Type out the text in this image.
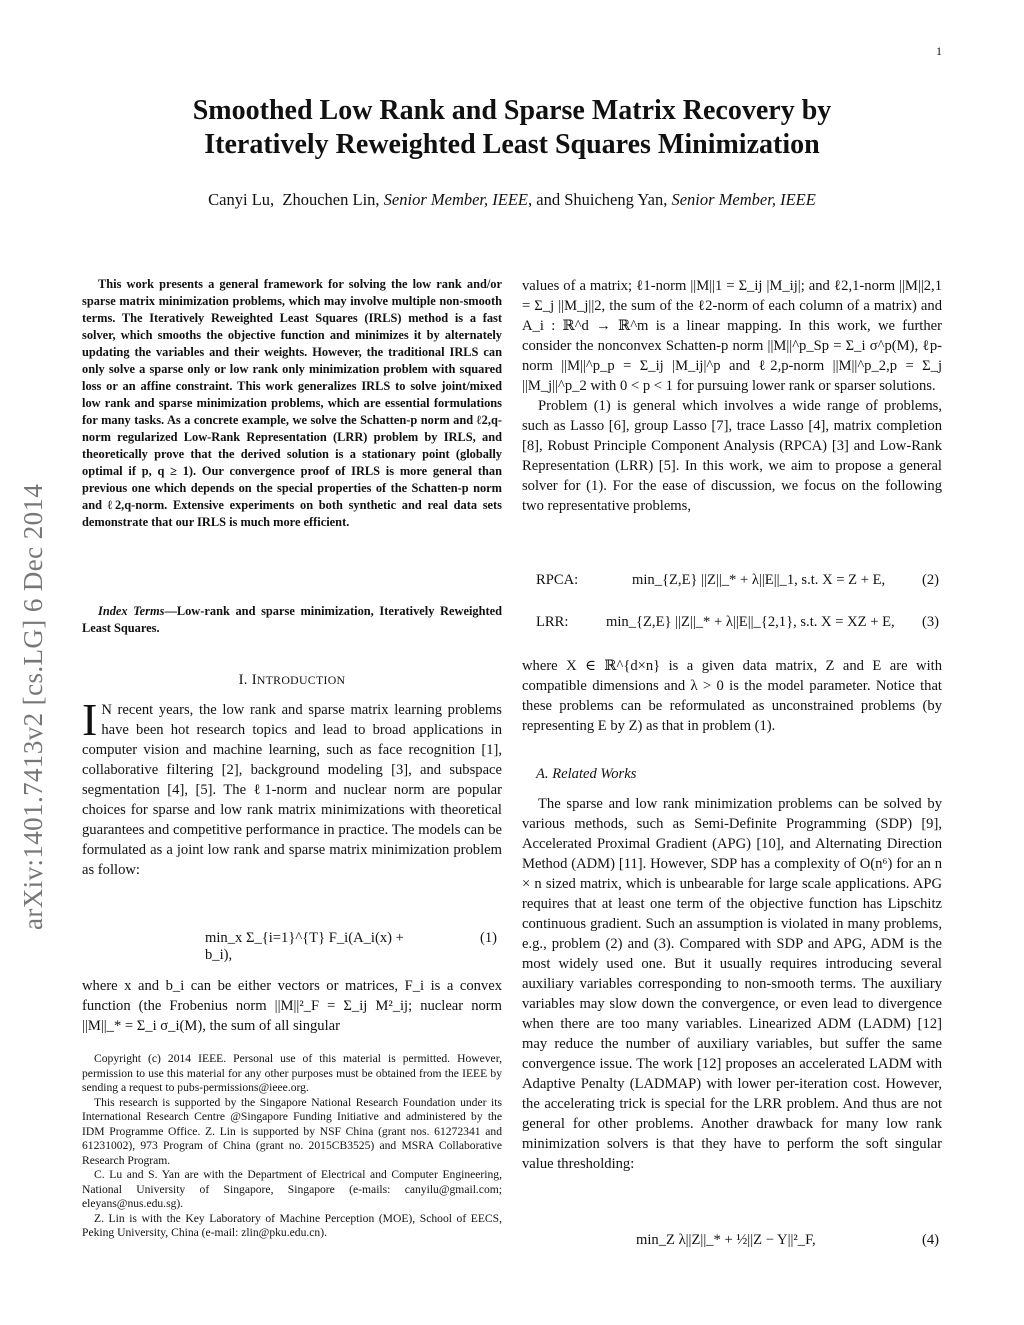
1
arXiv:1401.7413v2 [cs.LG] 6 Dec 2014
Smoothed Low Rank and Sparse Matrix Recovery by
Iteratively Reweighted Least Squares Minimization
Canyi Lu, Zhouchen Lin, Senior Member, IEEE, and Shuicheng Yan, Senior Member, IEEE
This work presents a general framework for solving the low rank and/or sparse matrix minimization problems, which may involve multiple non-smooth terms. The Iteratively Reweighted Least Squares (IRLS) method is a fast solver, which smooths the objective function and minimizes it by alternately updating the variables and their weights. However, the traditional IRLS can only solve a sparse only or low rank only minimization problem with squared loss or an affine constraint. This work generalizes IRLS to solve joint/mixed low rank and sparse minimization problems, which are essential formulations for many tasks. As a concrete example, we solve the Schatten-p norm and ℓ2,q-norm regularized Low-Rank Representation (LRR) problem by IRLS, and theoretically prove that the derived solution is a stationary point (globally optimal if p, q ≥ 1). Our convergence proof of IRLS is more general than previous one which depends on the special properties of the Schatten-p norm and ℓ2,q-norm. Extensive experiments on both synthetic and real data sets demonstrate that our IRLS is much more efficient.
Index Terms—Low-rank and sparse minimization, Iteratively Reweighted Least Squares.
I. INTRODUCTION

I N recent years, the low rank and sparse matrix learning problems have been hot research topics and lead to broad applications in computer vision and machine learning, such as face recognition [1], collaborative filtering [2], background modeling [3], and subspace segmentation [4], [5]. The ℓ1-norm and nuclear norm are popular choices for sparse and low rank matrix minimizations with theoretical guarantees and competitive performance in practice. The models can be formulated as a joint low rank and sparse matrix minimization problem as follow:

min_x Σ_{i=1}^{T} F_i(A_i(x) + b_i),
(1)

where x and b_i can be either vectors or matrices, F_i is a convex function (the Frobenius norm ||M||²_F = Σ_ij M²_ij; nuclear norm ||M||_* = Σ_i σ_i(M), the sum of all singular

Copyright (c) 2014 IEEE. Personal use of this material is permitted. However, permission to use this material for any other purposes must be obtained from the IEEE by sending a request to pubs-permissions@ieee.org.

This research is supported by the Singapore National Research Foundation under its International Research Centre @Singapore Funding Initiative and administered by the IDM Programme Office. Z. Lin is supported by NSF China (grant nos. 61272341 and 61231002), 973 Program of China (grant no. 2015CB3525) and MSRA Collaborative Research Program.

C. Lu and S. Yan are with the Department of Electrical and Computer Engineering, National University of Singapore, Singapore (e-mails: canyilu@gmail.com; eleyans@nus.edu.sg).

Z. Lin is with the Key Laboratory of Machine Perception (MOE), School of EECS, Peking University, China (e-mail: zlin@pku.edu.cn).

values of a matrix; ℓ1-norm ||M||1 = Σ_ij |M_ij|; and ℓ2,1-norm ||M||2,1 = Σ_j ||M_j||2, the sum of the ℓ2-norm of each column of a matrix) and A_i : ℝ^d → ℝ^m is a linear mapping. In this work, we further consider the nonconvex Schatten-p norm ||M||^p_Sp = Σ_i σ^p(M), ℓp-norm ||M||^p_p = Σ_ij |M_ij|^p and ℓ2,p-norm ||M||^p_2,p = Σ_j ||M_j||^p_2 with 0 < p < 1 for pursuing lower rank or sparser solutions.

Problem (1) is general which involves a wide range of problems, such as Lasso [6], group Lasso [7], trace Lasso [4], matrix completion [8], Robust Principle Component Analysis (RPCA) [3] and Low-Rank Representation (LRR) [5]. In this work, we aim to propose a general solver for (1). For the ease of discussion, we focus on the following two representative problems,

RPCA:	min_{Z,E} ||Z||_* + λ||E||_1, s.t. X = Z + E,	(2)
LRR:	min_{Z,E} ||Z||_* + λ||E||_{2,1}, s.t. X = XZ + E,	(3)

where X ∈ ℝ^{d×n} is a given data matrix, Z and E are with compatible dimensions and λ > 0 is the model parameter. Notice that these problems can be reformulated as unconstrained problems (by representing E by Z) as that in problem (1).

A. Related Works

The sparse and low rank minimization problems can be solved by various methods, such as Semi-Definite Programming (SDP) [9], Accelerated Proximal Gradient (APG) [10], and Alternating Direction Method (ADM) [11]. However, SDP has a complexity of O(n⁶) for an n × n sized matrix, which is unbearable for large scale applications. APG requires that at least one term of the objective function has Lipschitz continuous gradient. Such an assumption is violated in many problems, e.g., problem (2) and (3). Compared with SDP and APG, ADM is the most widely used one. But it usually requires introducing several auxiliary variables corresponding to non-smooth terms. The auxiliary variables may slow down the convergence, or even lead to divergence when there are too many variables. Linearized ADM (LADM) [12] may reduce the number of auxiliary variables, but suffer the same convergence issue. The work [12] proposes an accelerated LADM with Adaptive Penalty (LADMAP) with lower per-iteration cost. However, the accelerating trick is special for the LRR problem. And thus are not general for other problems. Another drawback for many low rank minimization solvers is that they have to perform the soft singular value thresholding:

min_Z λ||Z||_* + ½||Z − Y||²_F,	(4)
